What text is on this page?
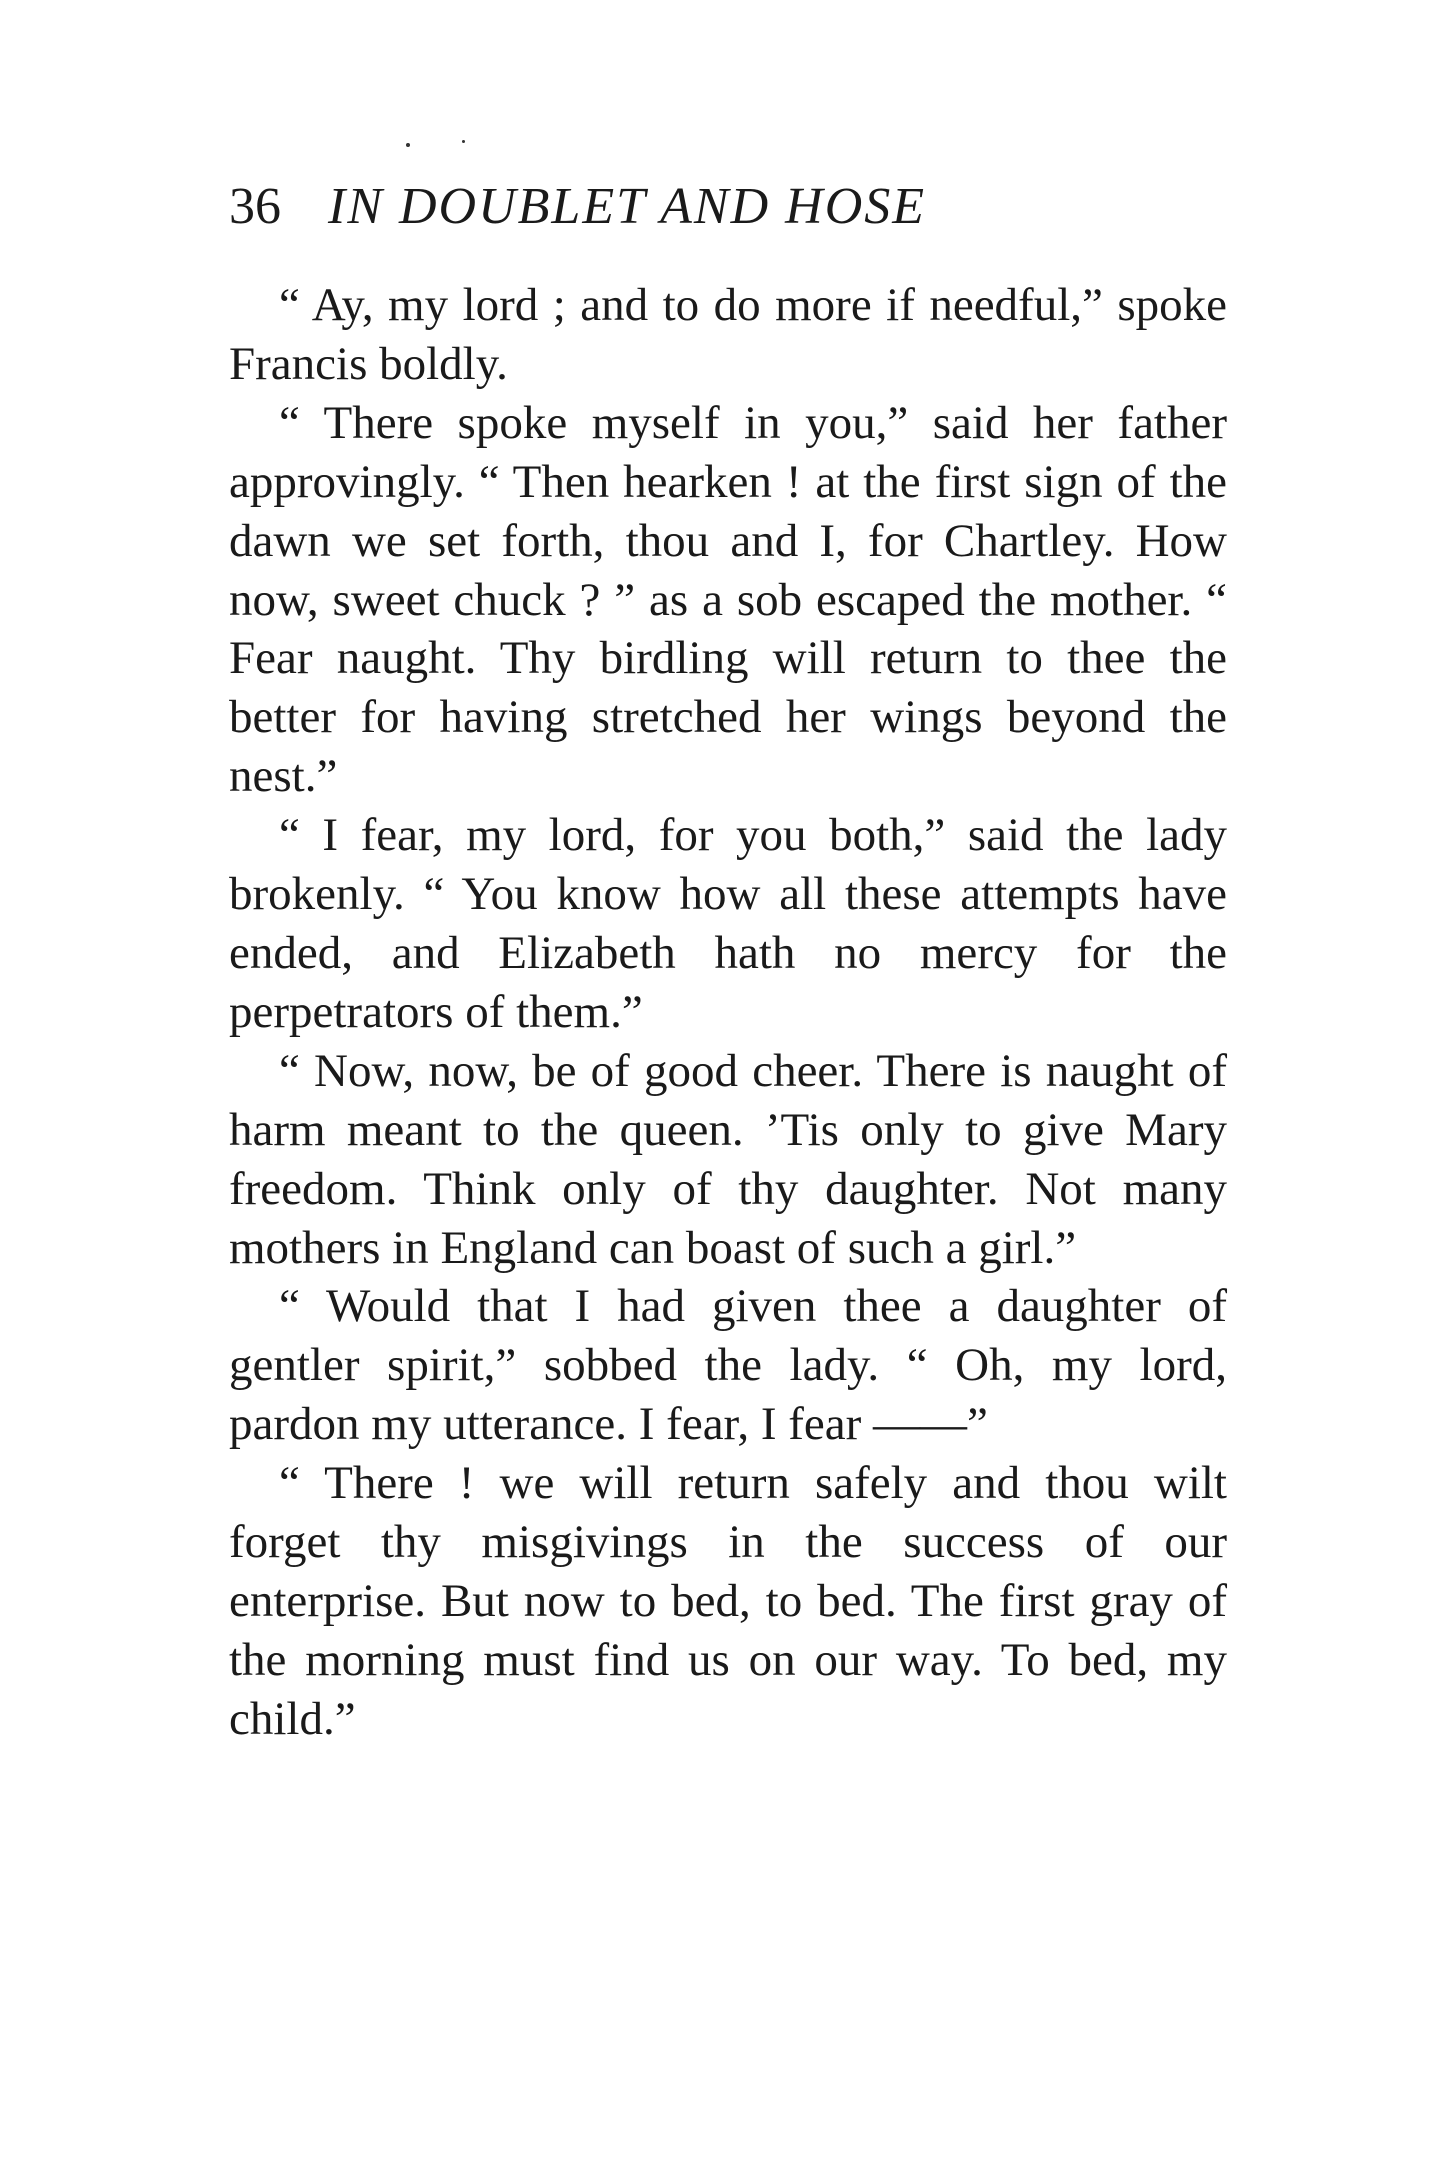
36 IN DOUBLET AND HOSE

“ Ay, my lord ; and to do more if needful,” spoke Francis boldly.

“ There spoke myself in you,” said her father approvingly. “ Then hearken ! at the first sign of the dawn we set forth, thou and I, for Chartley. How now, sweet chuck ? ” as a sob escaped the mother. “ Fear naught. Thy birdling will return to thee the better for having stretched her wings beyond the nest.”

“ I fear, my lord, for you both,” said the lady brokenly. “ You know how all these attempts have ended, and Elizabeth hath no mercy for the perpetrators of them.”

“ Now, now, be of good cheer. There is naught of harm meant to the queen. ’Tis only to give Mary freedom. Think only of thy daughter. Not many mothers in England can boast of such a girl.”

“ Would that I had given thee a daughter of gentler spirit,” sobbed the lady. “ Oh, my lord, pardon my utterance. I fear, I fear ——”

“ There ! we will return safely and thou wilt forget thy misgivings in the success of our enterprise. But now to bed, to bed. The first gray of the morning must find us on our way. To bed, my child.”
